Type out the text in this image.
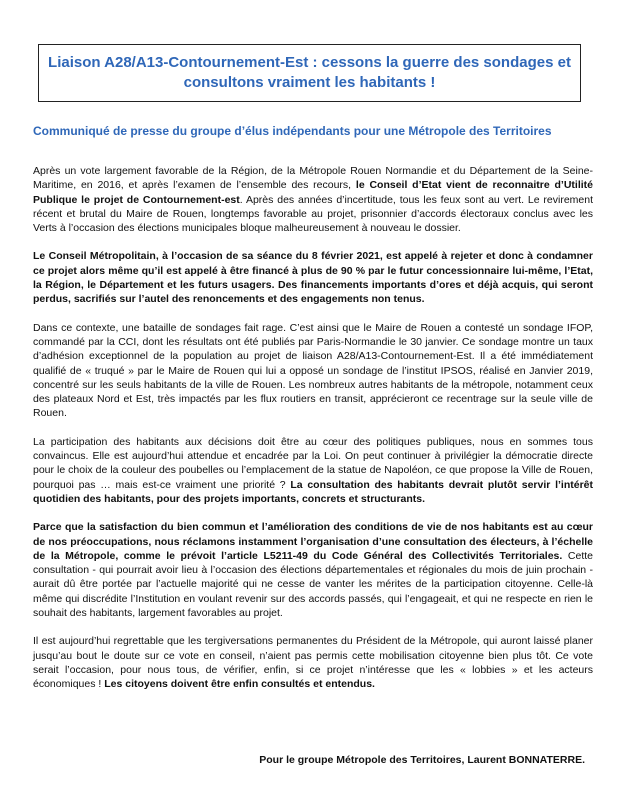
Liaison A28/A13-Contournement-Est : cessons la guerre des sondages et
consultons vraiment les habitants !
Communiqué de presse du groupe d’élus indépendants pour une Métropole des Territoires

Après un vote largement favorable de la Région, de la Métropole Rouen Normandie et du Département de la Seine-Maritime, en 2016, et après l’examen de l’ensemble des recours, le Conseil d’Etat vient de reconnaitre d’Utilité Publique le projet de Contournement-est. Après des années d’incertitude, tous les feux sont au vert. Le revirement récent et brutal du Maire de Rouen, longtemps favorable au projet, prisonnier d’accords électoraux conclus avec les Verts à l’occasion des élections municipales bloque malheureusement à nouveau le dossier.

Le Conseil Métropolitain, à l’occasion de sa séance du 8 février 2021, est appelé à rejeter et donc à condamner ce projet alors même qu’il est appelé à être financé à plus de 90 % par le futur concessionnaire lui-même, l’Etat, la Région, le Département et les futurs usagers. Des financements importants d’ores et déjà acquis, qui seront perdus, sacrifiés sur l’autel des renoncements et des engagements non tenus.

Dans ce contexte, une bataille de sondages fait rage. C’est ainsi que le Maire de Rouen a contesté un sondage IFOP, commandé par la CCI, dont les résultats ont été publiés par Paris-Normandie le 30 janvier. Ce sondage montre un taux d’adhésion exceptionnel de la population au projet de liaison A28/A13-Contournement-Est. Il a été immédiatement qualifié de « truqué » par le Maire de Rouen qui lui a opposé un sondage de l’institut IPSOS, réalisé en Janvier 2019, concentré sur les seuls habitants de la ville de Rouen. Les nombreux autres habitants de la métropole, notamment ceux des plateaux Nord et Est, très impactés par les flux routiers en transit, apprécieront ce recentrage sur la seule ville de Rouen.

La participation des habitants aux décisions doit être au cœur des politiques publiques, nous en sommes tous convaincus. Elle est aujourd’hui attendue et encadrée par la Loi. On peut continuer à privilégier la démocratie directe pour le choix de la couleur des poubelles ou l’emplacement de la statue de Napoléon, ce que propose la Ville de Rouen, pourquoi pas … mais est-ce vraiment une priorité ? La consultation des habitants devrait plutôt servir l’intérêt quotidien des habitants, pour des projets importants, concrets et structurants.

Parce que la satisfaction du bien commun et l’amélioration des conditions de vie de nos habitants est au cœur de nos préoccupations, nous réclamons instamment l’organisation d’une consultation des électeurs, à l’échelle de la Métropole, comme le prévoit l’article L5211-49 du Code Général des Collectivités Territoriales. Cette consultation - qui pourrait avoir lieu à l’occasion des élections départementales et régionales du mois de juin prochain - aurait dû être portée par l’actuelle majorité qui ne cesse de vanter les mérites de la participation citoyenne. Celle-là même qui discrédite l’Institution en voulant revenir sur des accords passés, qui l’engageait, et qui ne respecte en rien le souhait des habitants, largement favorables au projet.

Il est aujourd’hui regrettable que les tergiversations permanentes du Président de la Métropole, qui auront laissé planer jusqu’au bout le doute sur ce vote en conseil, n’aient pas permis cette mobilisation citoyenne bien plus tôt. Ce vote serait l’occasion, pour nous tous, de vérifier, enfin, si ce projet n’intéresse que les « lobbies » et les acteurs économiques ! Les citoyens doivent être enfin consultés et entendus.

Pour le groupe Métropole des Territoires, Laurent BONNATERRE.
